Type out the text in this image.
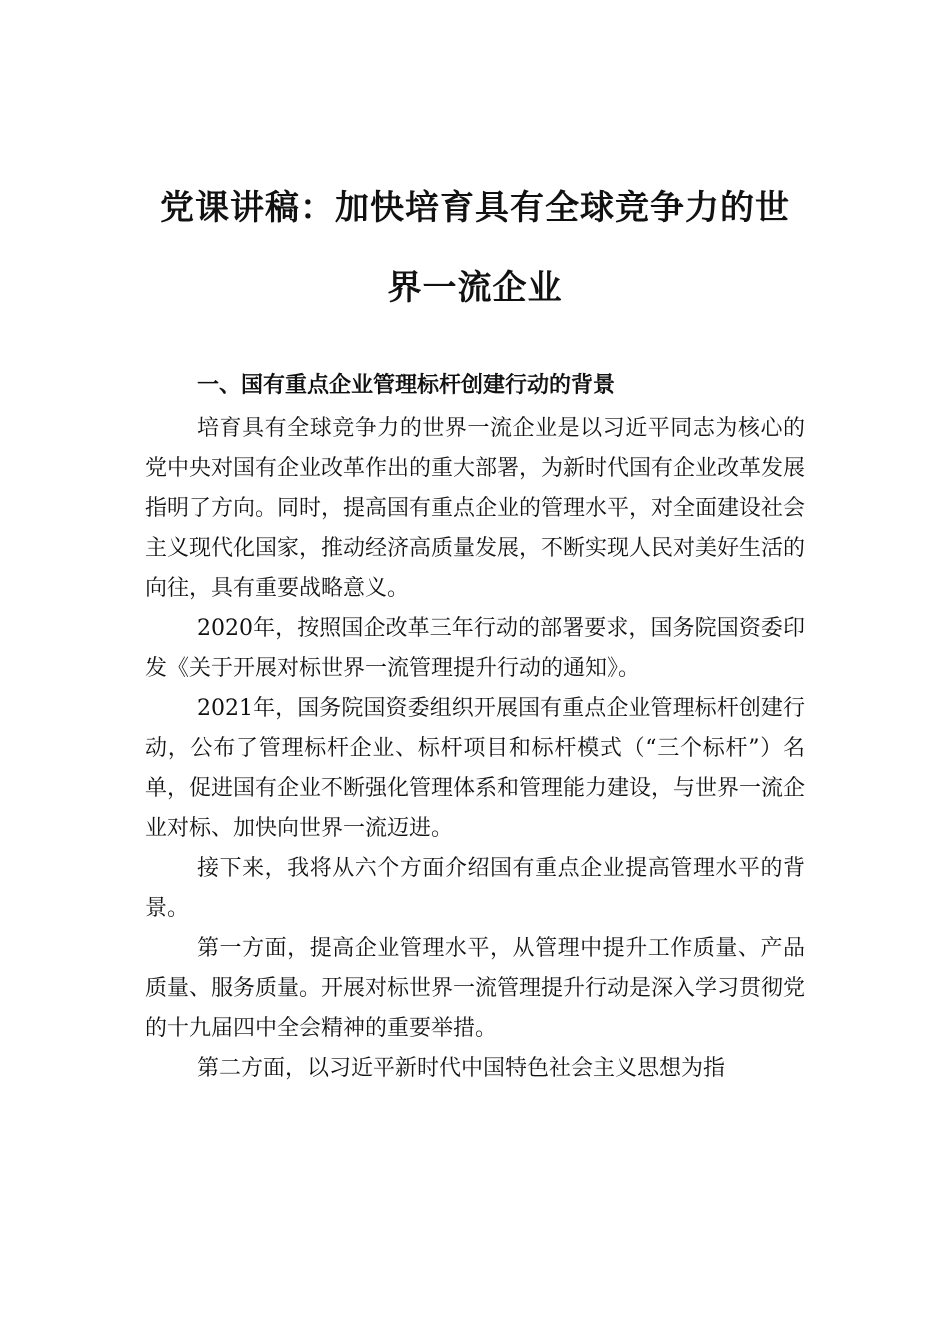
党课讲稿：加快培育具有全球竞争力的世界一流企业
一、国有重点企业管理标杆创建行动的背景

培育具有全球竞争力的世界一流企业是以习近平同志为核心的党中央对国有企业改革作出的重大部署，为新时代国有企业改革发展指明了方向。同时，提高国有重点企业的管理水平，对全面建设社会主义现代化国家，推动经济高质量发展，不断实现人民对美好生活的向往，具有重要战略意义。

2020年，按照国企改革三年行动的部署要求，国务院国资委印发《关于开展对标世界一流管理提升行动的通知》。

2021年，国务院国资委组织开展国有重点企业管理标杆创建行动，公布了管理标杆企业、标杆项目和标杆模式（“三个标杆”）名单，促进国有企业不断强化管理体系和管理能力建设，与世界一流企业对标、加快向世界一流迈进。

接下来，我将从六个方面介绍国有重点企业提高管理水平的背景。

第一方面，提高企业管理水平，从管理中提升工作质量、产品质量、服务质量。开展对标世界一流管理提升行动是深入学习贯彻党的十九届四中全会精神的重要举措。

第二方面，以习近平新时代中国特色社会主义思想为指
